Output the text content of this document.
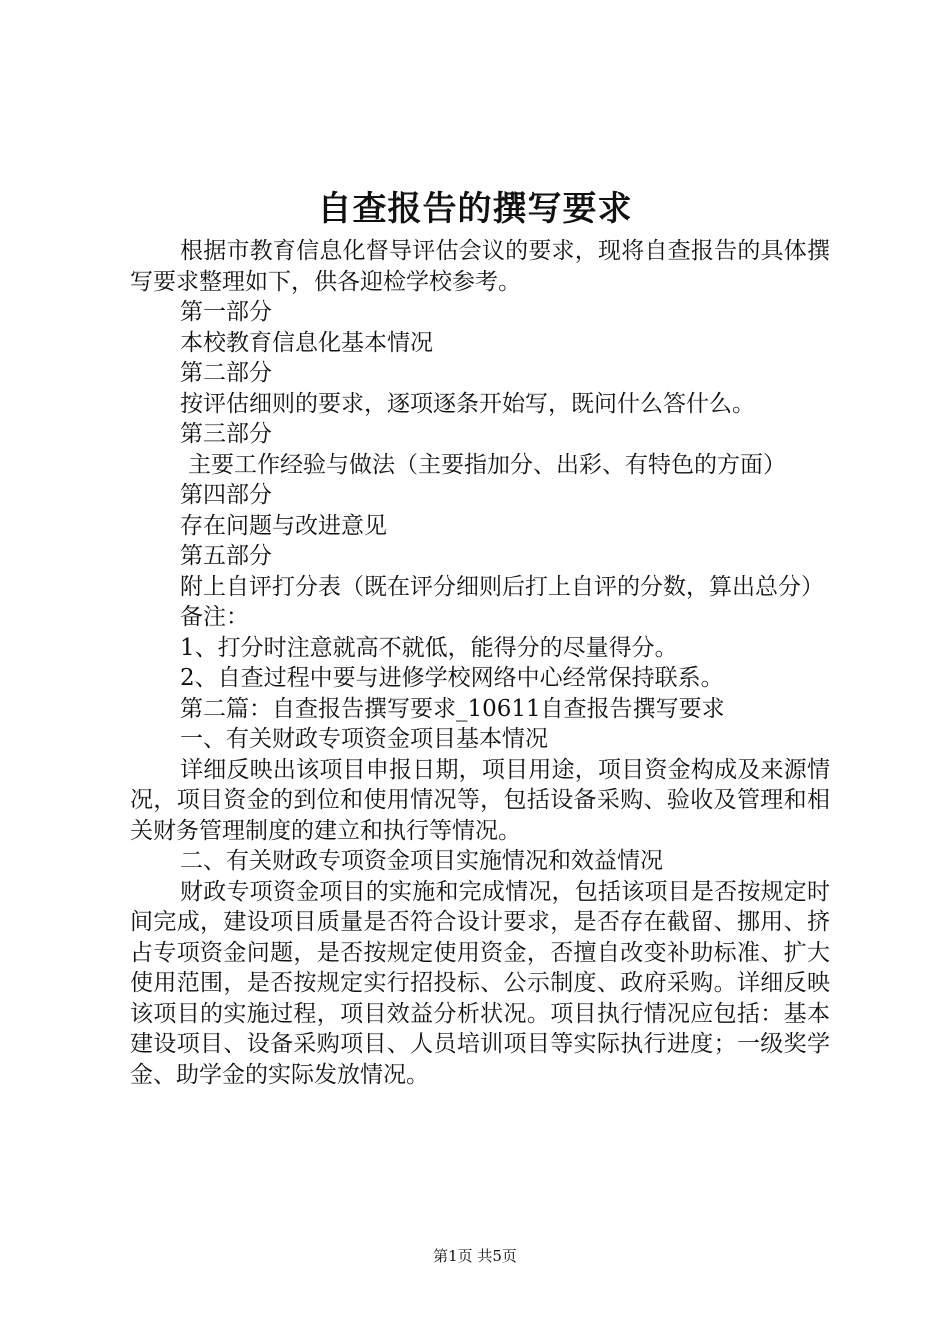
自查报告的撰写要求

根据市教育信息化督导评估会议的要求，现将自查报告的具体撰写要求整理如下，供各迎检学校参考。

第一部分

本校教育信息化基本情况

第二部分

按评估细则的要求，逐项逐条开始写，既问什么答什么。

第三部分

主要工作经验与做法（主要指加分、出彩、有特色的方面）

第四部分

存在问题与改进意见

第五部分

附上自评打分表（既在评分细则后打上自评的分数，算出总分）

备注：

1、打分时注意就高不就低，能得分的尽量得分。

2、自查过程中要与进修学校网络中心经常保持联系。

第二篇：自查报告撰写要求_10611自查报告撰写要求

一、有关财政专项资金项目基本情况

详细反映出该项目申报日期，项目用途，项目资金构成及来源情况，项目资金的到位和使用情况等，包括设备采购、验收及管理和相关财务管理制度的建立和执行等情况。

二、有关财政专项资金项目实施情况和效益情况

财政专项资金项目的实施和完成情况，包括该项目是否按规定时间完成，建设项目质量是否符合设计要求，是否存在截留、挪用、挤占专项资金问题，是否按规定使用资金，否擅自改变补助标准、扩大使用范围，是否按规定实行招投标、公示制度、政府采购。详细反映该项目的实施过程，项目效益分析状况。项目执行情况应包括：基本建设项目、设备采购项目、人员培训项目等实际执行进度；一级奖学金、助学金的实际发放情况。

第1页 共5页
